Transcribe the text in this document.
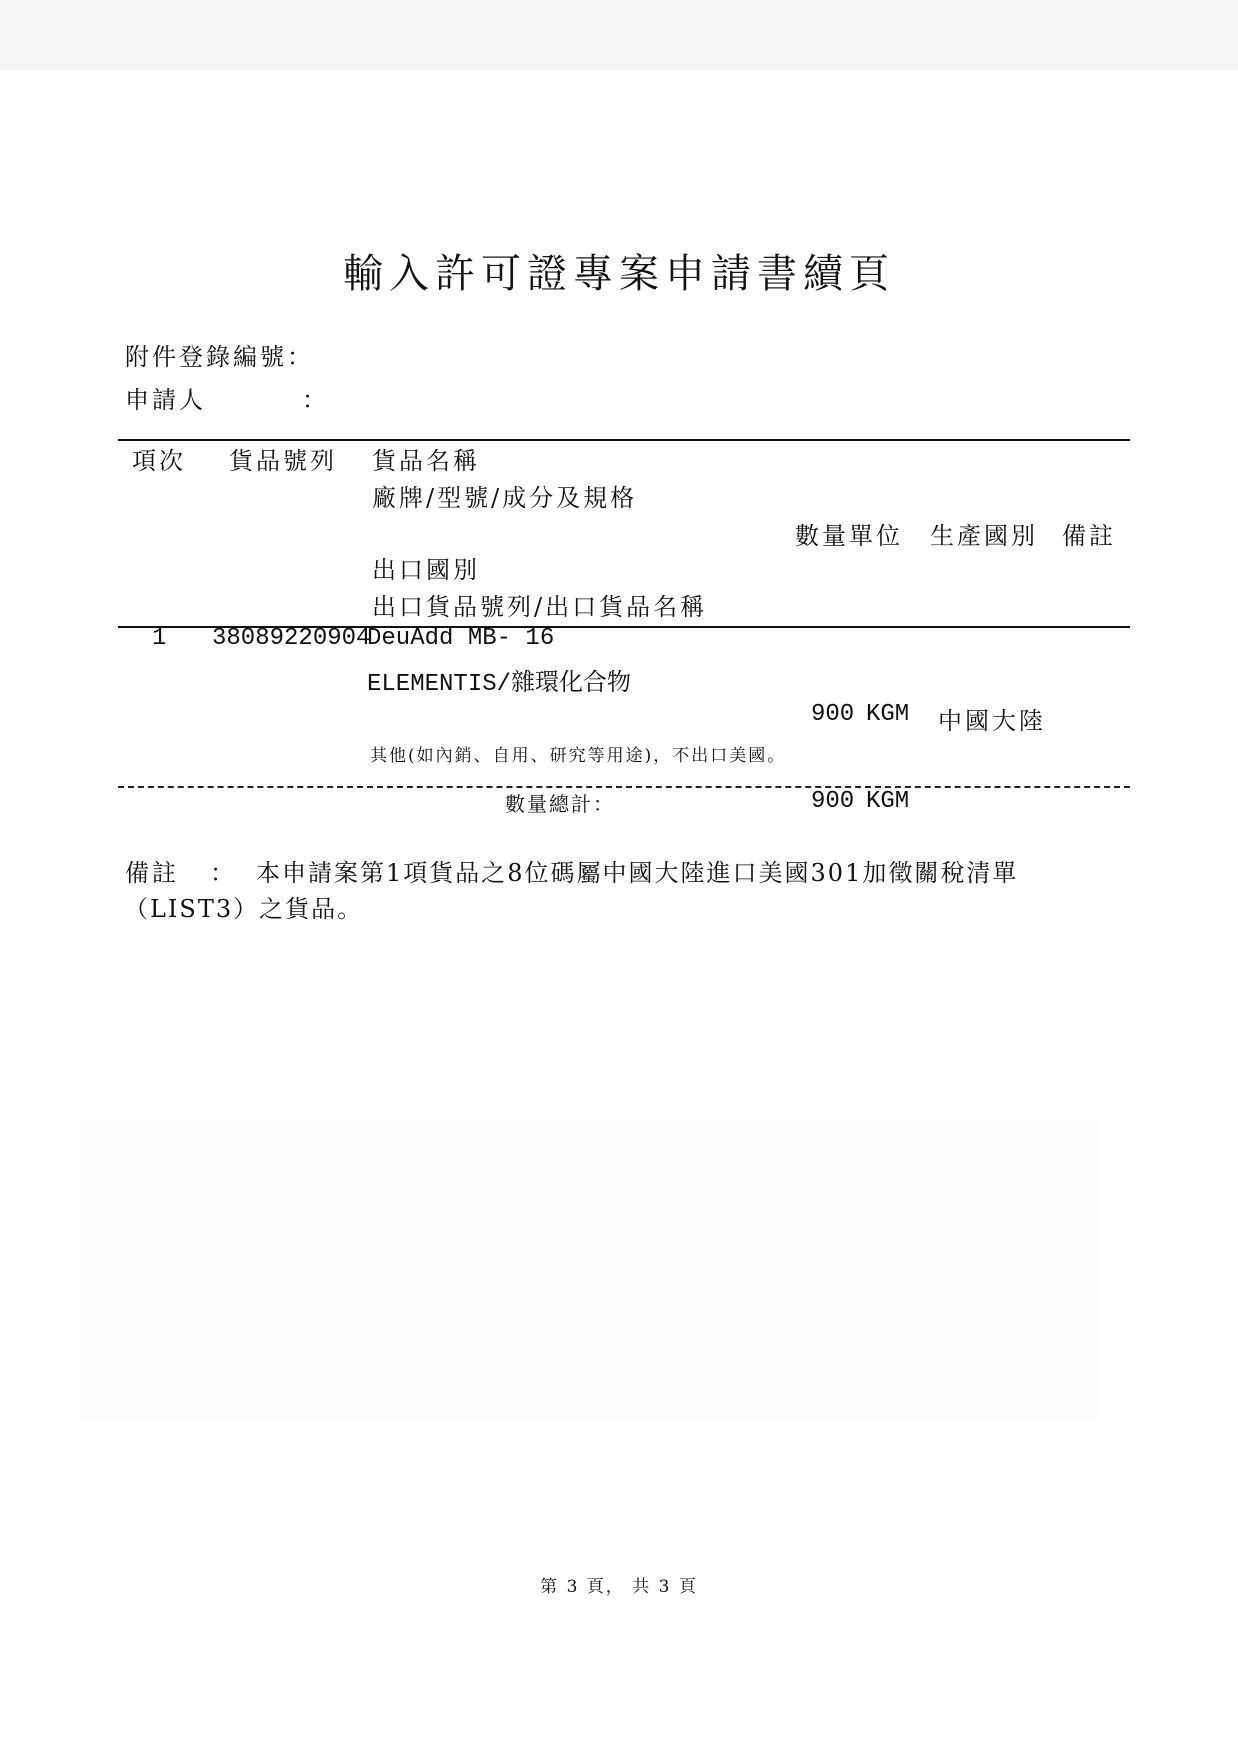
輸入許可證專案申請書續頁
附件登錄編號：
申請人	：
項次 貨品號列 貨品名稱
廠牌/型號/成分及規格
數量單位 生產國別 備註
出口國別
出口貨品號列/出口貨品名稱
1 38089220904
DeuAdd MB- 16
ELEMENTIS/雜環化合物
900 KGM 中國大陸
其他(如內銷、自用、研究等用途)，不出口美國。
數量總計：	900 KGM
備註 ： 本申請案第1項貨品之8位碼屬中國大陸進口美國301加徵關稅清單
（LIST3）之貨品。
第 3 頁， 共 3 頁
